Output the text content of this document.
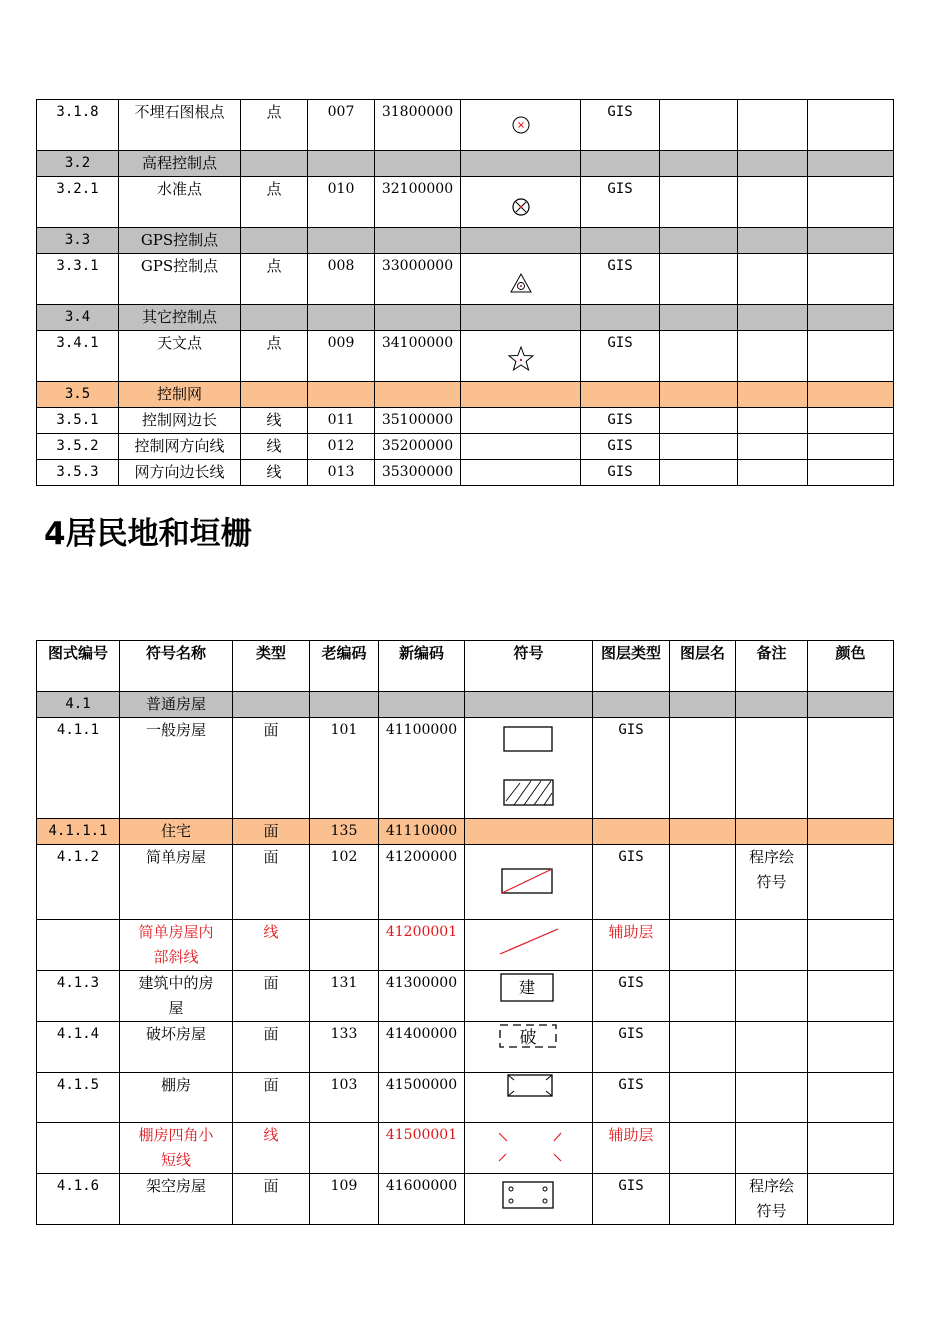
3.1.8	不埋石图根点	点	007	31800000		GIS			
3.2	高程控制点								
3.2.1	水准点	点	010	32100000		GIS			
3.3	GPS控制点								
3.3.1	GPS控制点	点	008	33000000		GIS			
3.4	其它控制点								
3.4.1	天文点	点	009	34100000		GIS			
3.5	控制网								
3.5.1	控制网边长	线	011	35100000		GIS			
3.5.2	控制网方向线	线	012	35200000		GIS			
3.5.3	网方向边长线	线	013	35300000		GIS			
4居民地和垣栅
图式编号	符号名称	类型	老编码	新编码	符号	图层类型	图层名	备注	颜色
4.1	普通房屋								
4.1.1	一般房屋	面	101	41100000		GIS			
4.1.1.1	住宅	面	135	41110000					
4.1.2	简单房屋	面	102	41200000		GIS		程序绘符号	
	简单房屋内部斜线	线		41200001		辅助层			
4.1.3	建筑中的房屋	面	131	41300000	建	GIS			
4.1.4	破坏房屋	面	133	41400000	破	GIS			
4.1.5	棚房	面	103	41500000		GIS			
	棚房四角小短线	线		41500001		辅助层			
4.1.6	架空房屋	面	109	41600000		GIS		程序绘符号	
